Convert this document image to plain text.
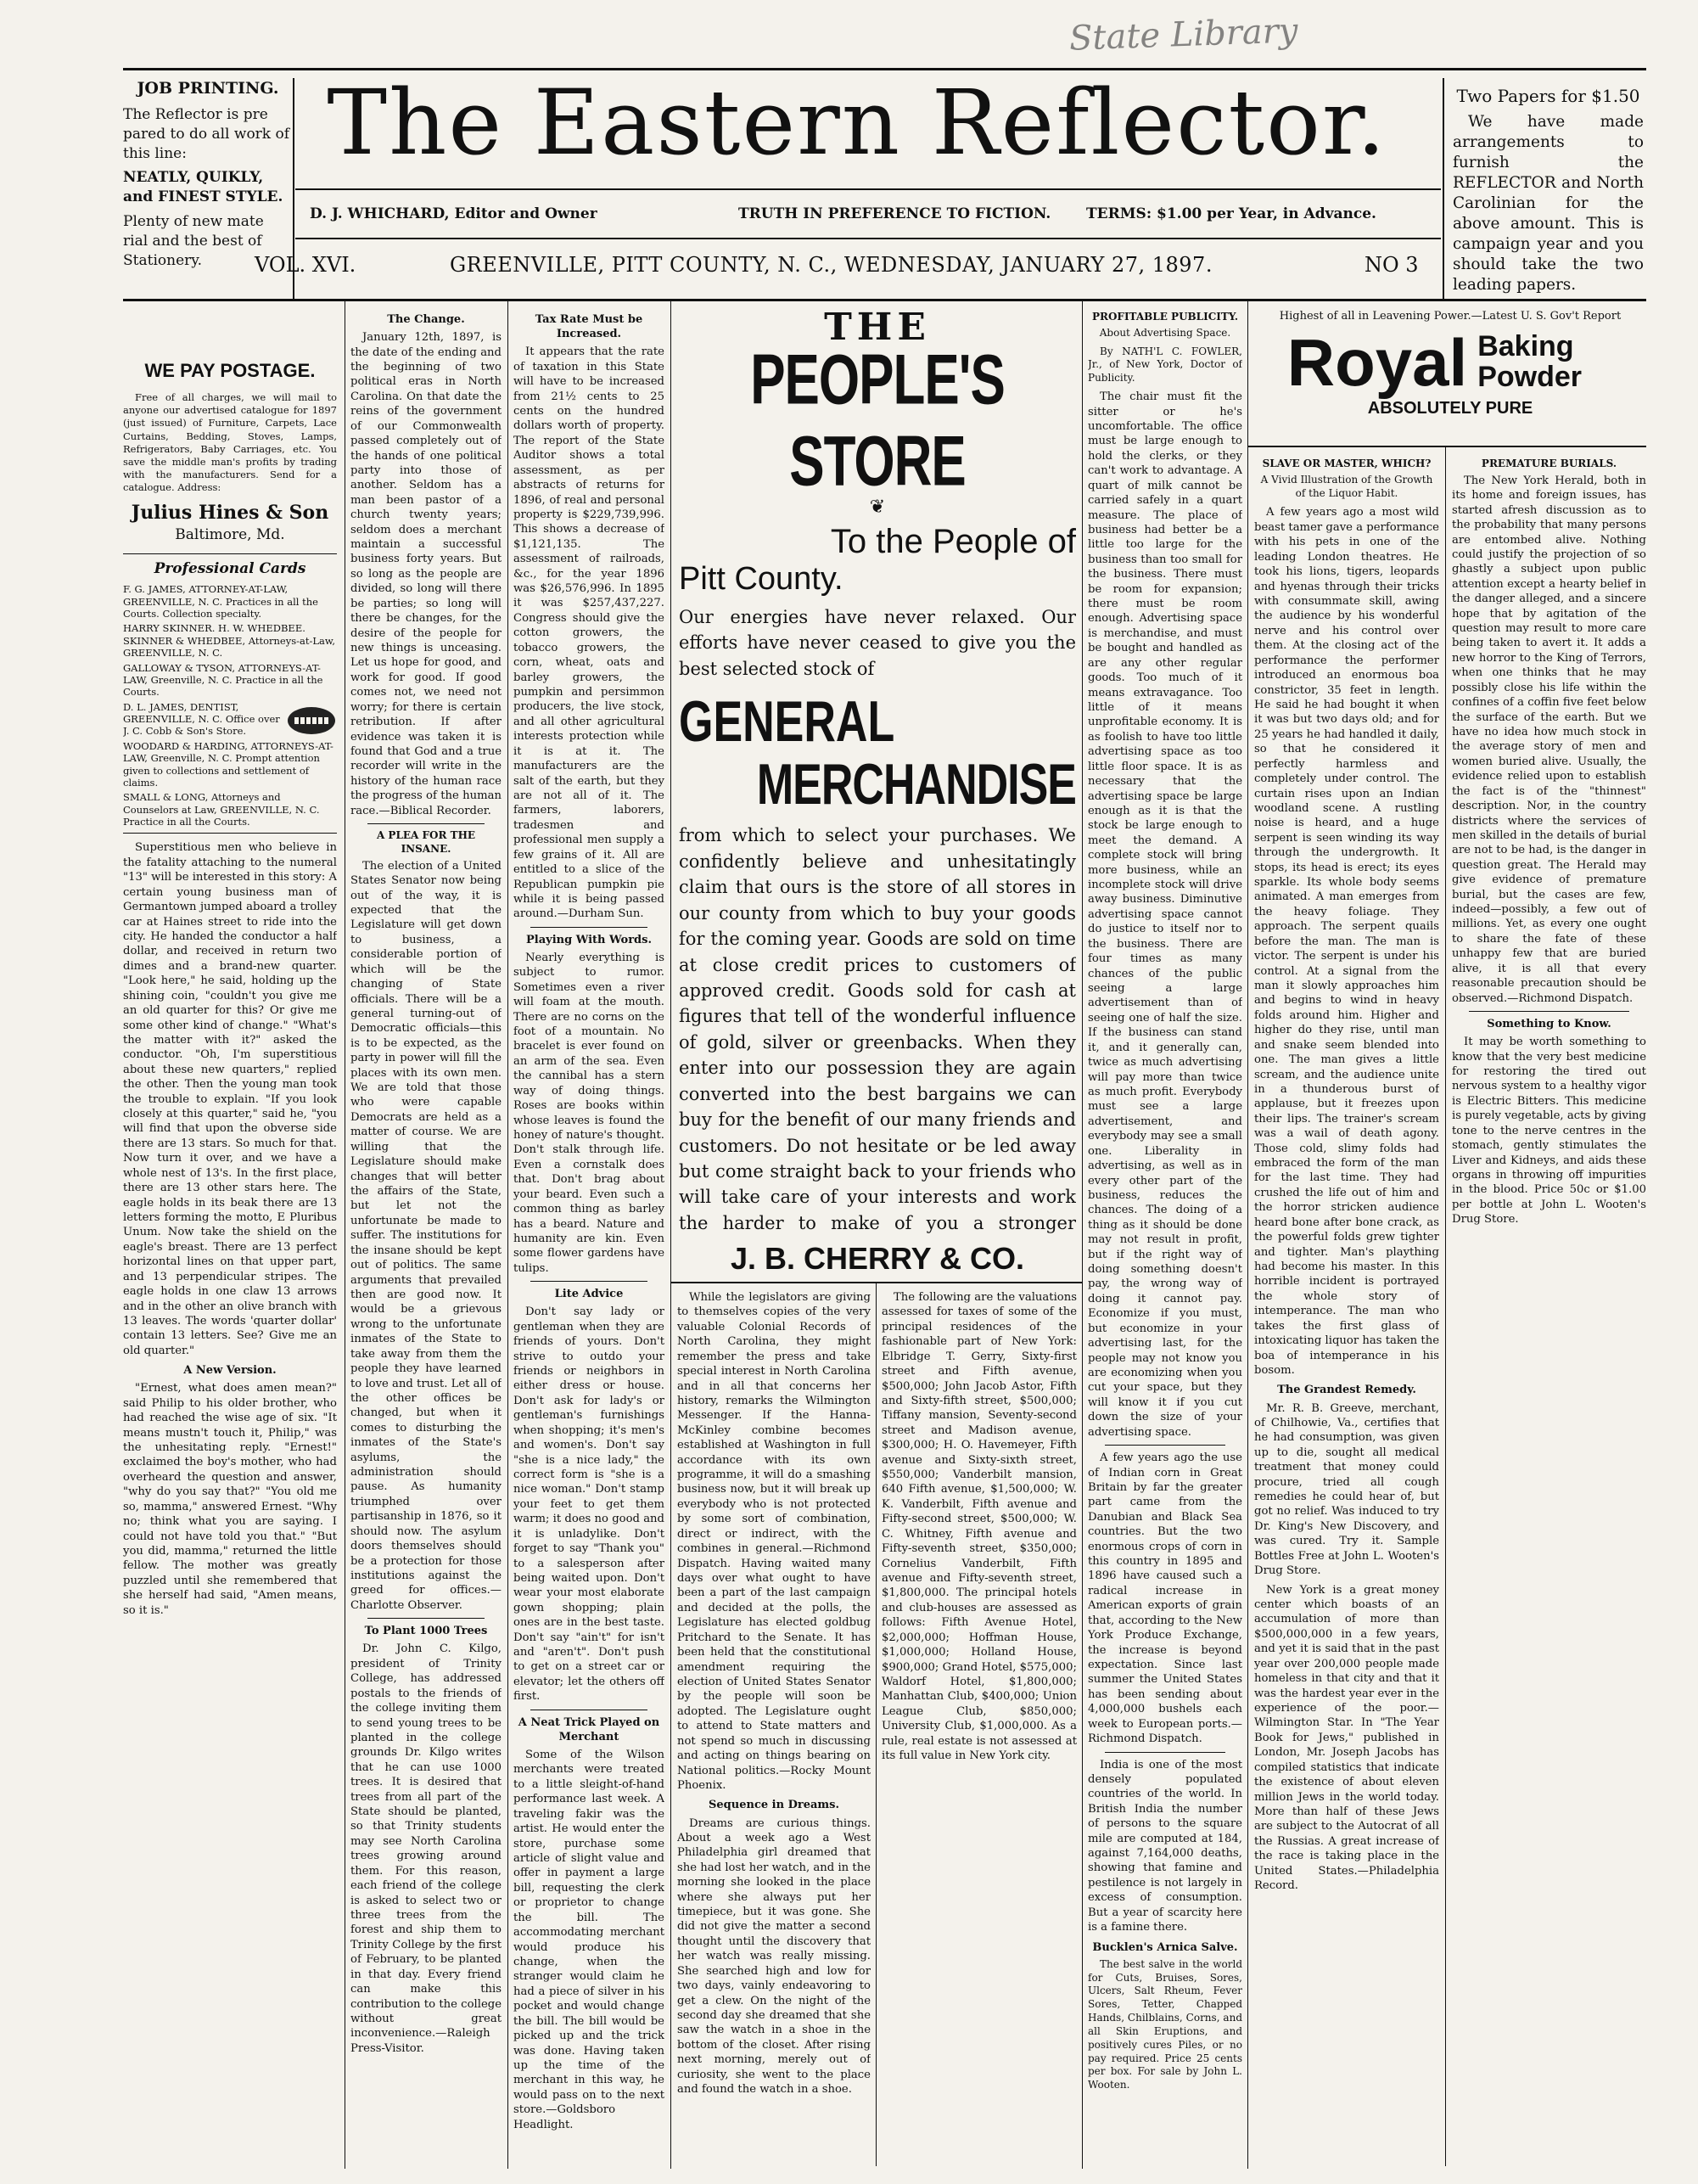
State Library
JOB PRINTING.
The Reflector is pre pared to do all work of this line:
NEATLY, QUIKLY, and FINEST STYLE.
Plenty of new mate rial and the best of Stationery.
The Eastern Reflector.	Two Papers for $1.50
We have made arrangements to furnish the REFLECTOR and North Carolinian for the above amount. This is campaign year and you should take the two leading papers.
D. J. WHICHARD, Editor and Owner	TRUTH IN PREFERENCE TO FICTION. TERMS: $1.00 per Year, in Advance.
VOL. XVI.	GREENVILLE, PITT COUNTY, N. C., WEDNESDAY, JANUARY 27, 1897.	NO 3
WE PAY POSTAGE.

Free of all charges, we will mail to anyone our advertised catalogue for 1897 (just issued) of Furniture, Carpets, Lace Curtains, Bedding, Stoves, Lamps, Refrigerators, Baby Carriages, etc. You save the middle man's profits by trading with the manufacturers. Send for a catalogue. Address:

Julius Hines & Son
Baltimore, Md.
Professional Cards

F. G. JAMES, ATTORNEY-AT-LAW, GREENVILLE, N. C. Practices in all the Courts. Collection specialty.

HARRY SKINNER. H. W. WHEDBEE. SKINNER & WHEDBEE, Attorneys-at-Law, GREENVILLE, N. C.

GALLOWAY & TYSON, ATTORNEYS-AT-LAW, Greenville, N. C. Practice in all the Courts.

D. L. JAMES, DENTIST, GREENVILLE, N. C. Office over J. C. Cobb & Son's Store.

WOODARD & HARDING, ATTORNEYS-AT-LAW, Greenville, N. C. Prompt attention given to collections and settlement of claims.

SMALL & LONG, Attorneys and Counselors at Law, GREENVILLE, N. C. Practice in all the Courts.

Superstitious men who believe in the fatality attaching to the numeral "13" will be interested in this story: A certain young business man of Germantown jumped aboard a trolley car at Haines street to ride into the city. He handed the conductor a half dollar, and received in return two dimes and a brand-new quarter. "Look here," he said, holding up the shining coin, "couldn't you give me an old quarter for this? Or give me some other kind of change." "What's the matter with it?" asked the conductor. "Oh, I'm superstitious about these new quarters," replied the other. Then the young man took the trouble to explain. "If you look closely at this quarter," said he, "you will find that upon the obverse side there are 13 stars. So much for that. Now turn it over, and we have a whole nest of 13's. In the first place, there are 13 other stars here. The eagle holds in its beak there are 13 letters forming the motto, E Pluribus Unum. Now take the shield on the eagle's breast. There are 13 perfect horizontal lines on that upper part, and 13 perpendicular stripes. The eagle holds in one claw 13 arrows and in the other an olive branch with 13 leaves. The words 'quarter dollar' contain 13 letters. See? Give me an old quarter."

A New Version.

"Ernest, what does amen mean?" said Philip to his older brother, who had reached the wise age of six. "It means mustn't touch it, Philip," was the unhesitating reply. "Ernest!" exclaimed the boy's mother, who had overheard the question and answer, "why do you say that?" "You old me so, mamma," answered Ernest. "Why no; think what you are saying. I could not have told you that." "But you did, mamma," returned the little fellow. The mother was greatly puzzled until she remembered that she herself had said, "Amen means, so it is."

The Change.

January 12th, 1897, is the date of the ending and the beginning of two political eras in North Carolina. On that date the reins of the government of our Commonwealth passed completely out of the hands of one political party into those of another. Seldom has a man been pastor of a church twenty years; seldom does a merchant maintain a successful business forty years. But so long as the people are divided, so long will there be parties; so long will there be changes, for the desire of the people for new things is unceasing. Let us hope for good, and work for good. If good comes not, we need not worry; for there is certain retribution. If after evidence was taken it is found that God and a true recorder will write in the history of the human race the progress of the human race.—Biblical Recorder.

A PLEA FOR THE INSANE.

The election of a United States Senator now being out of the way, it is expected that the Legislature will get down to business, a considerable portion of which will be the changing of State officials. There will be a general turning-out of Democratic officials—this is to be expected, as the party in power will fill the places with its own men. We are told that those who were capable Democrats are held as a matter of course. We are willing that the Legislature should make changes that will better the affairs of the State, but let not the unfortunate be made to suffer. The institutions for the insane should be kept out of politics. The same arguments that prevailed then are good now. It would be a grievous wrong to the unfortunate inmates of the State to take away from them the people they have learned to love and trust. Let all of the other offices be changed, but when it comes to disturbing the inmates of the State's asylums, the administration should pause. As humanity triumphed over partisanship in 1876, so it should now. The asylum doors themselves should be a protection for those institutions against the greed for offices.—Charlotte Observer.

To Plant 1000 Trees

Dr. John C. Kilgo, president of Trinity College, has addressed postals to the friends of the college inviting them to send young trees to be planted in the college grounds Dr. Kilgo writes that he can use 1000 trees. It is desired that trees from all part of the State should be planted, so that Trinity students may see North Carolina trees growing around them. For this reason, each friend of the college is asked to select two or three trees from the forest and ship them to Trinity College by the first of February, to be planted in that day. Every friend can make this contribution to the college without great inconvenience.—Raleigh Press-Visitor.

Tax Rate Must be Increased.

It appears that the rate of taxation in this State will have to be increased from 21½ cents to 25 cents on the hundred dollars worth of property. The report of the State Auditor shows a total assessment, as per abstracts of returns for 1896, of real and personal property is $229,739,996. This shows a decrease of $1,121,135. The assessment of railroads, &c., for the year 1896 was $26,576,996. In 1895 it was $257,437,227. Congress should give the cotton growers, the tobacco growers, the corn, wheat, oats and barley growers, the pumpkin and persimmon producers, the live stock, and all other agricultural interests protection while it is at it. The manufacturers are the salt of the earth, but they are not all of it. The farmers, laborers, tradesmen and professional men supply a few grains of it. All are entitled to a slice of the Republican pumpkin pie while it is being passed around.—Durham Sun.

Playing With Words.

Nearly everything is subject to rumor. Sometimes even a river will foam at the mouth. There are no corns on the foot of a mountain. No bracelet is ever found on an arm of the sea. Even the cannibal has a stern way of doing things. Roses are books within whose leaves is found the honey of nature's thought. Don't stalk through life. Even a cornstalk does that. Don't brag about your beard. Even such a common thing as barley has a beard. Nature and humanity are kin. Even some flower gardens have tulips.

Lite Advice

Don't say lady or gentleman when they are friends of yours. Don't strive to outdo your friends or neighbors in either dress or house. Don't ask for lady's or gentleman's furnishings when shopping; it's men's and women's. Don't say "she is a nice lady," the correct form is "she is a nice woman." Don't stamp your feet to get them warm; it does no good and it is unladylike. Don't forget to say "Thank you" to a salesperson after being waited upon. Don't wear your most elaborate gown shopping; plain ones are in the best taste. Don't say "ain't" for isn't and "aren't". Don't push to get on a street car or elevator; let the others off first.

A Neat Trick Played on Merchant

Some of the Wilson merchants were treated to a little sleight-of-hand performance last week. A traveling fakir was the artist. He would enter the store, purchase some article of slight value and offer in payment a large bill, requesting the clerk or proprietor to change the bill. The accommodating merchant would produce his change, when the stranger would claim he had a piece of silver in his pocket and would change the bill. The bill would be picked up and the trick was done. Having taken up the time of the merchant in this way, he would pass on to the next store.—Goldsboro Headlight.

THE
PEOPLE'S STORE
❦
To the People of
Pitt County.
Our energies have never relaxed. Our efforts have never ceased to give you the best selected stock of
GENERAL
MERCHANDISE
from which to select your purchases. We confidently believe and unhesitatingly claim that ours is the store of all stores in our county from which to buy your goods for the coming year. Goods are sold on time at close credit prices to customers of approved credit. Goods sold for cash at figures that tell of the wonderful influence of gold, silver or greenbacks. When they enter into our possession they are again converted into the best bargains we can buy for the benefit of our many friends and customers. Do not hesitate or be led away but come straight back to your friends who will take care of your interests and work the harder to make of you a stronger
J. B. CHERRY & CO.

While the legislators are giving to themselves copies of the very valuable Colonial Records of North Carolina, they might remember the press and take special interest in North Carolina and in all that concerns her history, remarks the Wilmington Messenger. If the Hanna-McKinley combine becomes established at Washington in full accordance with its own programme, it will do a smashing business now, but it will break up everybody who is not protected by some sort of combination, direct or indirect, with the combines in general.—Richmond Dispatch. Having waited many days over what ought to have been a part of the last campaign and decided at the polls, the Legislature has elected goldbug Pritchard to the Senate. It has been held that the constitutional amendment requiring the election of United States Senator by the people will soon be adopted. The Legislature ought to attend to State matters and not spend so much in discussing and acting on things bearing on National politics.—Rocky Mount Phoenix.

Sequence in Dreams.

Dreams are curious things. About a week ago a West Philadelphia girl dreamed that she had lost her watch, and in the morning she looked in the place where she always put her timepiece, but it was gone. She did not give the matter a second thought until the discovery that her watch was really missing. She searched high and low for two days, vainly endeavoring to get a clew. On the night of the second day she dreamed that she saw the watch in a shoe in the bottom of the closet. After rising next morning, merely out of curiosity, she went to the place and found the watch in a shoe.

The following are the valuations assessed for taxes of some of the principal residences of the fashionable part of New York: Elbridge T. Gerry, Sixty-first street and Fifth avenue, $500,000; John Jacob Astor, Fifth and Sixty-fifth street, $500,000; Tiffany mansion, Seventy-second street and Madison avenue, $300,000; H. O. Havemeyer, Fifth avenue and Sixty-sixth street, $550,000; Vanderbilt mansion, 640 Fifth avenue, $1,500,000; W. K. Vanderbilt, Fifth avenue and Fifty-second street, $500,000; W. C. Whitney, Fifth avenue and Fifty-seventh street, $350,000; Cornelius Vanderbilt, Fifth avenue and Fifty-seventh street, $1,800,000. The principal hotels and club-houses are assessed as follows: Fifth Avenue Hotel, $2,000,000; Hoffman House, $1,000,000; Holland House, $900,000; Grand Hotel, $575,000; Waldorf Hotel, $1,800,000; Manhattan Club, $400,000; Union League Club, $850,000; University Club, $1,000,000. As a rule, real estate is not assessed at its full value in New York city.

PROFITABLE PUBLICITY.
About Advertising Space.

By NATH'L C. FOWLER, Jr., of New York, Doctor of Publicity.

The chair must fit the sitter or he's uncomfortable. The office must be large enough to hold the clerks, or they can't work to advantage. A quart of milk cannot be carried safely in a quart measure. The place of business had better be a little too large for the business than too small for the business. There must be room for expansion; there must be room enough. Advertising space is merchandise, and must be bought and handled as are any other regular goods. Too much of it means extravagance. Too little of it means unprofitable economy. It is as foolish to have too little advertising space as too little floor space. It is as necessary that the advertising space be large enough as it is that the stock be large enough to meet the demand. A complete stock will bring more business, while an incomplete stock will drive away business. Diminutive advertising space cannot do justice to itself nor to the business. There are four times as many chances of the public seeing a large advertisement than of seeing one of half the size. If the business can stand it, and it generally can, twice as much advertising will pay more than twice as much profit. Everybody must see a large advertisement, and everybody may see a small one. Liberality in advertising, as well as in every other part of the business, reduces the chances. The doing of a thing as it should be done may not result in profit, but if the right way of doing something doesn't pay, the wrong way of doing it cannot pay. Economize if you must, but economize in your advertising last, for the people may not know you are economizing when you cut your space, but they will know it if you cut down the size of your advertising space.

A few years ago the use of Indian corn in Great Britain by far the greater part came from the Danubian and Black Sea countries. But the two enormous crops of corn in this country in 1895 and 1896 have caused such a radical increase in American exports of grain that, according to the New York Produce Exchange, the increase is beyond expectation. Since last summer the United States has been sending about 4,000,000 bushels each week to European ports.—Richmond Dispatch.

India is one of the most densely populated countries of the world. In British India the number of persons to the square mile are computed at 184, against 7,164,000 deaths, showing that famine and pestilence is not largely in excess of consumption. But a year of scarcity here is a famine there.

Bucklen's Arnica Salve.

The best salve in the world for Cuts, Bruises, Sores, Ulcers, Salt Rheum, Fever Sores, Tetter, Chapped Hands, Chilblains, Corns, and all Skin Eruptions, and positively cures Piles, or no pay required. Price 25 cents per box. For sale by John L. Wooten.

Highest of all in Leavening Power.—Latest U. S. Gov't Report
Royal Baking Powder
ABSOLUTELY PURE
SLAVE OR MASTER, WHICH?
A Vivid Illustration of the Growth of the Liquor Habit.

A few years ago a most wild beast tamer gave a performance with his pets in one of the leading London theatres. He took his lions, tigers, leopards and hyenas through their tricks with consummate skill, awing the audience by his wonderful nerve and his control over them. At the closing act of the performance the performer introduced an enormous boa constrictor, 35 feet in length. He said he had bought it when it was but two days old; and for 25 years he had handled it daily, so that he considered it perfectly harmless and completely under control. The curtain rises upon an Indian woodland scene. A rustling noise is heard, and a huge serpent is seen winding its way through the undergrowth. It stops, its head is erect; its eyes sparkle. Its whole body seems animated. A man emerges from the heavy foliage. They approach. The serpent quails before the man. The man is victor. The serpent is under his control. At a signal from the man it slowly approaches him and begins to wind in heavy folds around him. Higher and higher do they rise, until man and snake seem blended into one. The man gives a little scream, and the audience unite in a thunderous burst of applause, but it freezes upon their lips. The trainer's scream was a wail of death agony. Those cold, slimy folds had embraced the form of the man for the last time. They had crushed the life out of him and the horror stricken audience heard bone after bone crack, as the powerful folds grew tighter and tighter. Man's plaything had become his master. In this horrible incident is portrayed the whole story of intemperance. The man who takes the first glass of intoxicating liquor has taken the boa of intemperance in his bosom.

The Grandest Remedy.

Mr. R. B. Greeve, merchant, of Chilhowie, Va., certifies that he had consumption, was given up to die, sought all medical treatment that money could procure, tried all cough remedies he could hear of, but got no relief. Was induced to try Dr. King's New Discovery, and was cured. Try it. Sample Bottles Free at John L. Wooten's Drug Store.

New York is a great money center which boasts of an accumulation of more than $500,000,000 in a few years, and yet it is said that in the past year over 200,000 people made homeless in that city and that it was the hardest year ever in the experience of the poor.—Wilmington Star. In "The Year Book for Jews," published in London, Mr. Joseph Jacobs has compiled statistics that indicate the existence of about eleven million Jews in the world today. More than half of these Jews are subject to the Autocrat of all the Russias. A great increase of the race is taking place in the United States.—Philadelphia Record.

PREMATURE BURIALS.

The New York Herald, both in its home and foreign issues, has started afresh discussion as to the probability that many persons are entombed alive. Nothing could justify the projection of so ghastly a subject upon public attention except a hearty belief in the danger alleged, and a sincere hope that by agitation of the question may result to more care being taken to avert it. It adds a new horror to the King of Terrors, when one thinks that he may possibly close his life within the confines of a coffin five feet below the surface of the earth. But we have no idea how much stock in the average story of men and women buried alive. Usually, the evidence relied upon to establish the fact is of the "thinnest" description. Nor, in the country districts where the services of men skilled in the details of burial are not to be had, is the danger in question great. The Herald may give evidence of premature burial, but the cases are few, indeed—possibly, a few out of millions. Yet, as every one ought to share the fate of these unhappy few that are buried alive, it is all that every reasonable precaution should be observed.—Richmond Dispatch.

Something to Know.

It may be worth something to know that the very best medicine for restoring the tired out nervous system to a healthy vigor is Electric Bitters. This medicine is purely vegetable, acts by giving tone to the nerve centres in the stomach, gently stimulates the Liver and Kidneys, and aids these organs in throwing off impurities in the blood. Price 50c or $1.00 per bottle at John L. Wooten's Drug Store.
